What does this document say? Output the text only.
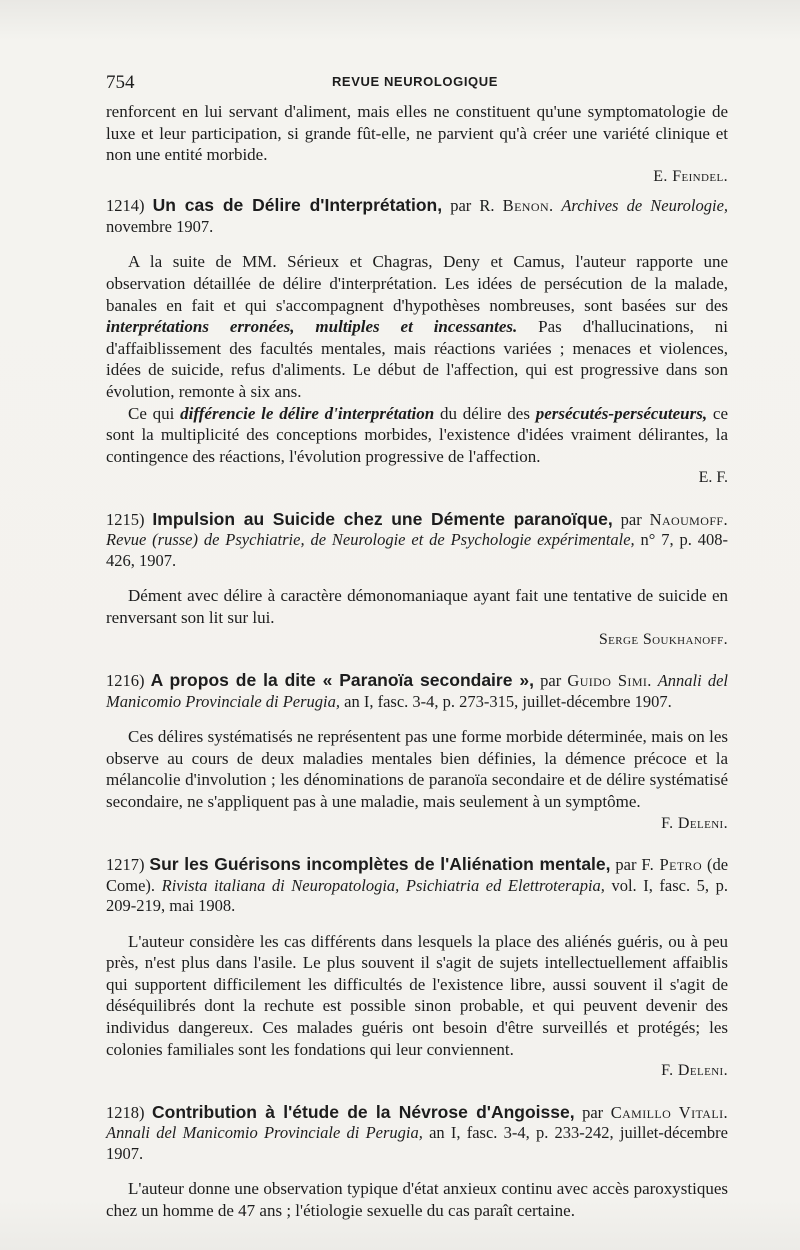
754	REVUE NEUROLOGIQUE

renforcent en lui servant d'aliment, mais elles ne constituent qu'une symptomatologie de luxe et leur participation, si grande fût-elle, ne parvient qu'à créer une variété clinique et non une entité morbide.

E. Feindel.

1214) Un cas de Délire d'Interprétation, par R. Benon. Archives de Neurologie, novembre 1907.

A la suite de MM. Sérieux et Chagras, Deny et Camus, l'auteur rapporte une observation détaillée de délire d'interprétation. Les idées de persécution de la malade, banales en fait et qui s'accompagnent d'hypothèses nombreuses, sont basées sur des interprétations erronées, multiples et incessantes. Pas d'hallucinations, ni d'affaiblissement des facultés mentales, mais réactions variées ; menaces et violences, idées de suicide, refus d'aliments. Le début de l'affection, qui est progressive dans son évolution, remonte à six ans.

Ce qui différencie le délire d'interprétation du délire des persécutés-persécuteurs, ce sont la multiplicité des conceptions morbides, l'existence d'idées vraiment délirantes, la contingence des réactions, l'évolution progressive de l'affection.

E. F.

1215) Impulsion au Suicide chez une Démente paranoïque, par Naoumoff. Revue (russe) de Psychiatrie, de Neurologie et de Psychologie expérimentale, n° 7, p. 408-426, 1907.

Dément avec délire à caractère démonomaniaque ayant fait une tentative de suicide en renversant son lit sur lui.

Serge Soukhanoff.

1216) A propos de la dite « Paranoïa secondaire », par Guido Simi. Annali del Manicomio Provinciale di Perugia, an I, fasc. 3-4, p. 273-315, juillet-décembre 1907.

Ces délires systématisés ne représentent pas une forme morbide déterminée, mais on les observe au cours de deux maladies mentales bien définies, la démence précoce et la mélancolie d'involution ; les dénominations de paranoïa secondaire et de délire systématisé secondaire, ne s'appliquent pas à une maladie, mais seulement à un symptôme.

F. Deleni.

1217) Sur les Guérisons incomplètes de l'Aliénation mentale, par F. Petro (de Come). Rivista italiana di Neuropatologia, Psichiatria ed Elettroterapia, vol. I, fasc. 5, p. 209-219, mai 1908.

L'auteur considère les cas différents dans lesquels la place des aliénés guéris, ou à peu près, n'est plus dans l'asile. Le plus souvent il s'agit de sujets intellectuellement affaiblis qui supportent difficilement les difficultés de l'existence libre, aussi souvent il s'agit de déséquilibrés dont la rechute est possible sinon probable, et qui peuvent devenir des individus dangereux. Ces malades guéris ont besoin d'être surveillés et protégés; les colonies familiales sont les fondations qui leur conviennent.

F. Deleni.

1218) Contribution à l'étude de la Névrose d'Angoisse, par Camillo Vitali. Annali del Manicomio Provinciale di Perugia, an I, fasc. 3-4, p. 233-242, juillet-décembre 1907.

L'auteur donne une observation typique d'état anxieux continu avec accès paroxystiques chez un homme de 47 ans ; l'étiologie sexuelle du cas paraît certaine.
